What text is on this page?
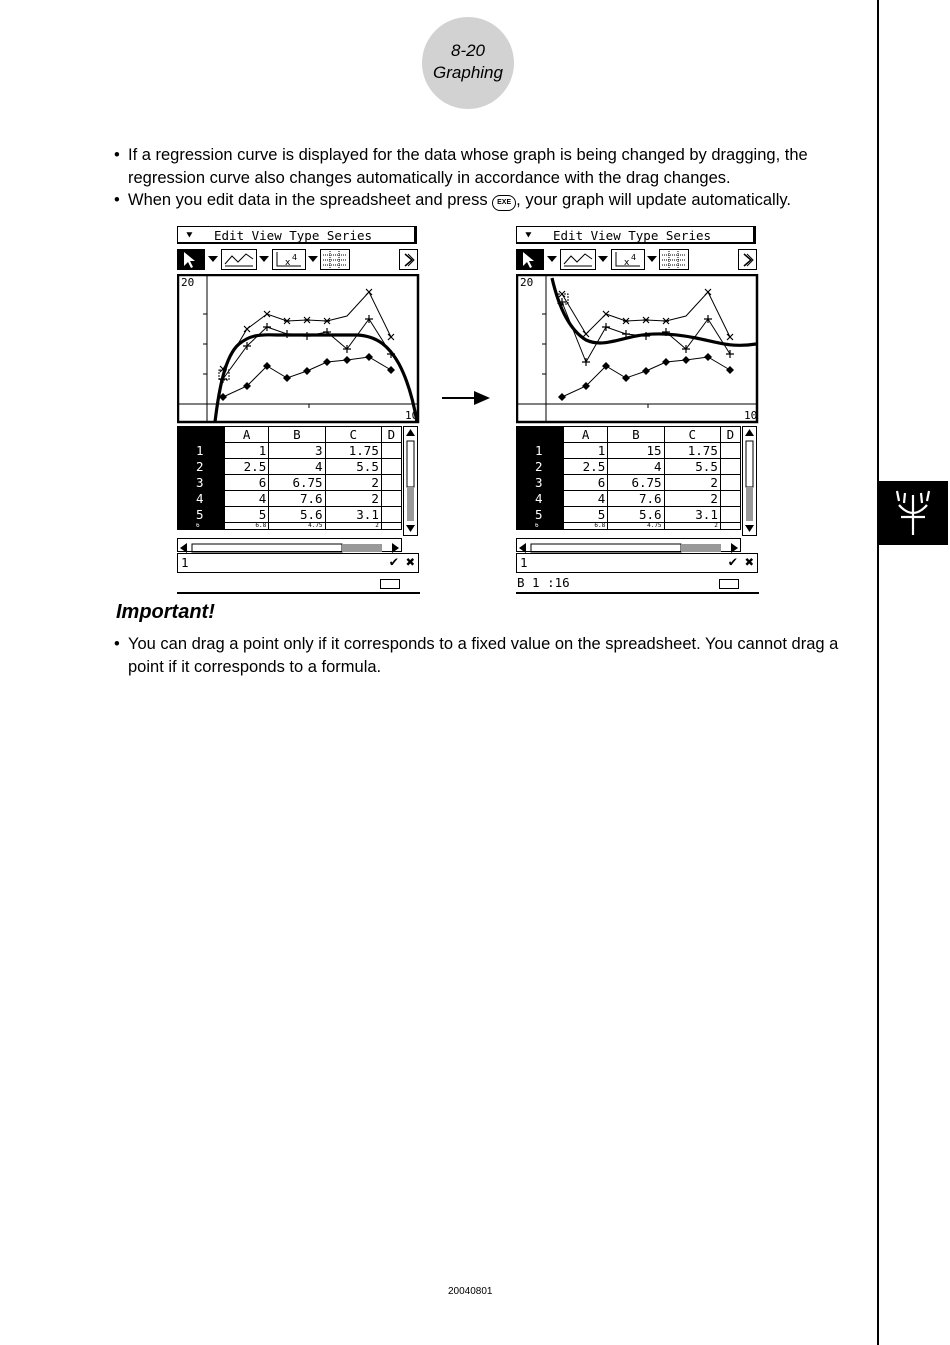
8-20
Graphing
• If a regression curve is displayed for the data whose graph is being changed by dragging, the regression curve also changes automatically in accordance with the drag changes.
• When you edit data in the spreadsheet and press EXE , your graph will update automatically.
⯆ Edit View Type Series
x
4
20
10
	A	B	C	D
1	1	3	1.75	
2	2.5	4	5.5	
3	6	6.75	2	
4	4	7.6	2	
5	5	5.6	3.1	
6	6.8	4.75	2	
1	✔ ✖
⯆ Edit View Type Series
x
4
20
10
	A	B	C	D
1	1	15	1.75	
2	2.5	4	5.5	
3	6	6.75	2	
4	4	7.6	2	
5	5	5.6	3.1	
6	6.8	4.75	2	
1	✔ ✖
B 1 :16
Important!
• You can drag a point only if it corresponds to a fixed value on the spreadsheet. You cannot drag a point if it corresponds to a formula.
20040801
